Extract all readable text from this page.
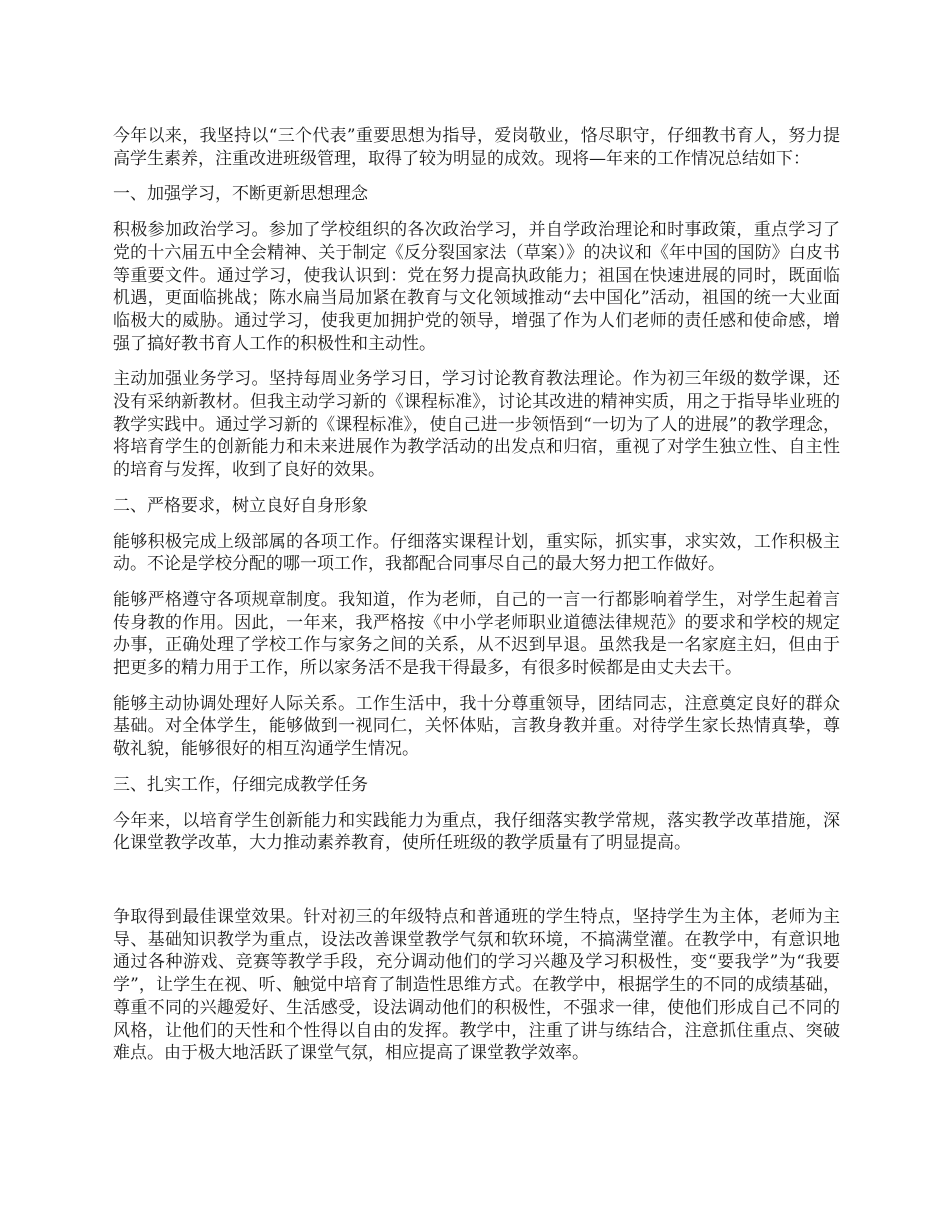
今年以来，我坚持以“三个代表”重要思想为指导，爱岗敬业，恪尽职守，仔细教书育人，努力提高学生素养，注重改进班级管理，取得了较为明显的成效。现将—年来的工作情况总结如下：

一、加强学习，不断更新思想理念

积极参加政治学习。参加了学校组织的各次政治学习，并自学政治理论和时事政策，重点学习了党的十六届五中全会精神、关于制定《反分裂国家法（草案）》的决议和《年中国的国防》白皮书等重要文件。通过学习，使我认识到：党在努力提高执政能力；祖国在快速进展的同时，既面临机遇，更面临挑战；陈水扁当局加紧在教育与文化领域推动“去中国化”活动，祖国的统一大业面临极大的威胁。通过学习，使我更加拥护党的领导，增强了作为人们老师的责任感和使命感，增强了搞好教书育人工作的积极性和主动性。

主动加强业务学习。坚持每周业务学习日，学习讨论教育教法理论。作为初三年级的数学课，还没有采纳新教材。但我主动学习新的《课程标准》，讨论其改进的精神实质，用之于指导毕业班的教学实践中。通过学习新的《课程标准》，使自己进一步领悟到“一切为了人的进展”的教学理念，将培育学生的创新能力和未来进展作为教学活动的出发点和归宿，重视了对学生独立性、自主性的培育与发挥，收到了良好的效果。

二、严格要求，树立良好自身形象

能够积极完成上级部属的各项工作。仔细落实课程计划，重实际，抓实事，求实效，工作积极主动。不论是学校分配的哪一项工作，我都配合同事尽自己的最大努力把工作做好。

能够严格遵守各项规章制度。我知道，作为老师，自己的一言一行都影响着学生，对学生起着言传身教的作用。因此，一年来，我严格按《中小学老师职业道德法律规范》的要求和学校的规定办事，正确处理了学校工作与家务之间的关系，从不迟到早退。虽然我是一名家庭主妇，但由于把更多的精力用于工作，所以家务活不是我干得最多，有很多时候都是由丈夫去干。

能够主动协调处理好人际关系。工作生活中，我十分尊重领导，团结同志，注意奠定良好的群众基础。对全体学生，能够做到一视同仁，关怀体贴，言教身教并重。对待学生家长热情真挚，尊敬礼貌，能够很好的相互沟通学生情况。

三、扎实工作，仔细完成教学任务

今年来，以培育学生创新能力和实践能力为重点，我仔细落实教学常规，落实教学改革措施，深化课堂教学改革，大力推动素养教育，使所任班级的教学质量有了明显提高。

争取得到最佳课堂效果。针对初三的年级特点和普通班的学生特点，坚持学生为主体，老师为主导、基础知识教学为重点，设法改善课堂教学气氛和软环境，不搞满堂灌。在教学中，有意识地通过各种游戏、竞赛等教学手段，充分调动他们的学习兴趣及学习积极性，变“要我学”为“我要学”，让学生在视、听、触觉中培育了制造性思维方式。在教学中，根据学生的不同的成绩基础，尊重不同的兴趣爱好、生活感受，设法调动他们的积极性，不强求一律，使他们形成自己不同的风格，让他们的天性和个性得以自由的发挥。教学中，注重了讲与练结合，注意抓住重点、突破难点。由于极大地活跃了课堂气氛，相应提高了课堂教学效率。
